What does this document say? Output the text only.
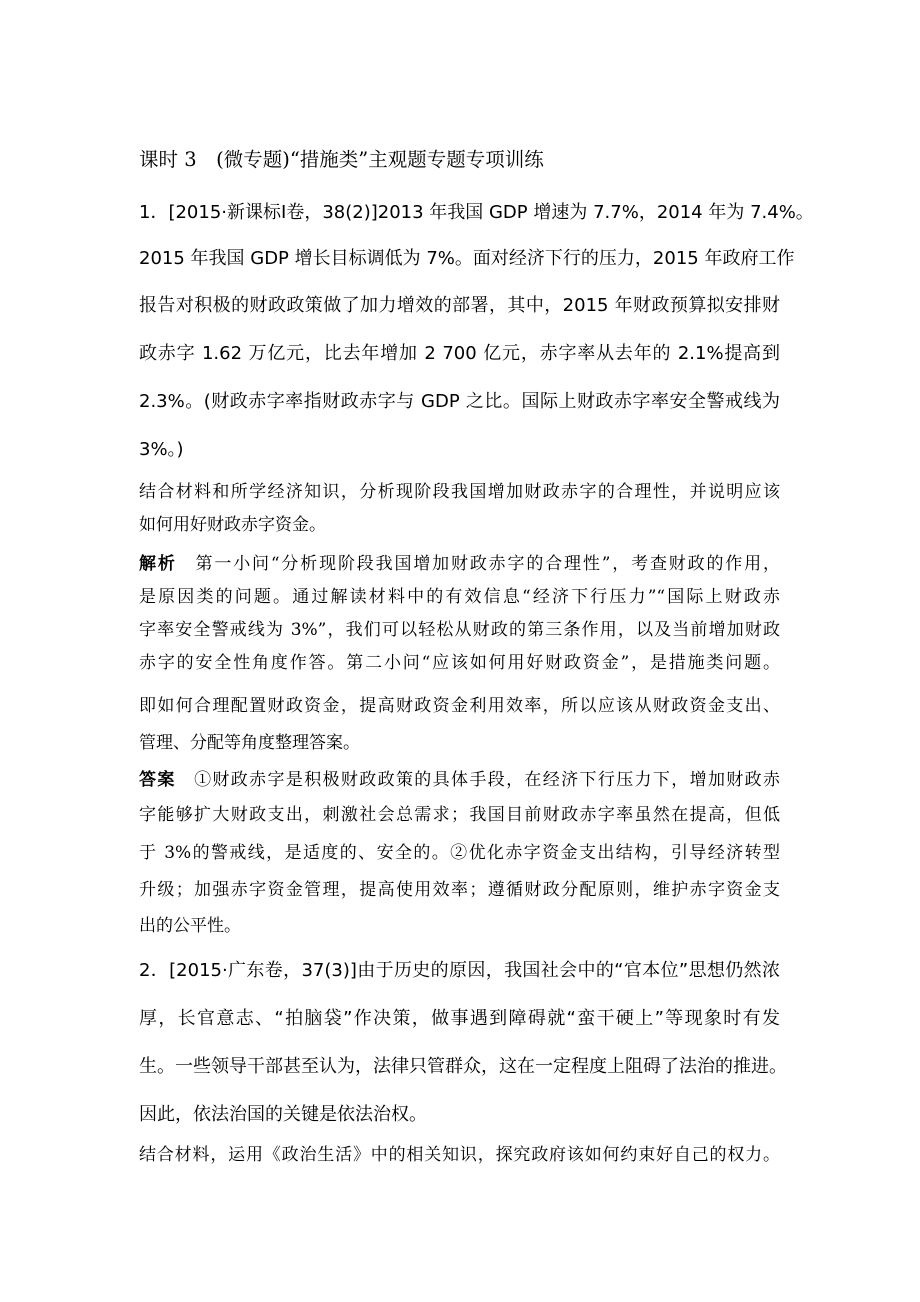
课时 3　(微专题)“措施类”主观题专题专项训练
1．[2015·新课标Ⅰ卷，38(2)]2013 年我国 GDP 增速为 7.7%，2014 年为 7.4%。
2015 年我国 GDP 增长目标调低为 7%。面对经济下行的压力，2015 年政府工作
报告对积极的财政政策做了加力增效的部署，其中，2015 年财政预算拟安排财
政赤字 1.62 万亿元，比去年增加 2 700 亿元，赤字率从去年的 2.1%提高到
2.3%。(财政赤字率指财政赤字与 GDP 之比。国际上财政赤字率安全警戒线为
3%。)
结合材料和所学经济知识，分析现阶段我国增加财政赤字的合理性，并说明应该
如何用好财政赤字资金。
解析　第一小问“分析现阶段我国增加财政赤字的合理性”，考查财政的作用，
是原因类的问题。通过解读材料中的有效信息“经济下行压力”“国际上财政赤
字率安全警戒线为 3%”，我们可以轻松从财政的第三条作用，以及当前增加财政
赤字的安全性角度作答。第二小问“应该如何用好财政资金”，是措施类问题。
即如何合理配置财政资金，提高财政资金利用效率，所以应该从财政资金支出、
管理、分配等角度整理答案。
答案　①财政赤字是积极财政政策的具体手段，在经济下行压力下，增加财政赤
字能够扩大财政支出，刺激社会总需求；我国目前财政赤字率虽然在提高，但低
于 3%的警戒线，是适度的、安全的。②优化赤字资金支出结构，引导经济转型
升级；加强赤字资金管理，提高使用效率；遵循财政分配原则，维护赤字资金支
出的公平性。
2．[2015·广东卷，37(3)]由于历史的原因，我国社会中的“官本位”思想仍然浓
厚，长官意志、“拍脑袋”作决策，做事遇到障碍就“蛮干硬上”等现象时有发
生。一些领导干部甚至认为，法律只管群众，这在一定程度上阻碍了法治的推进。
因此，依法治国的关键是依法治权。
结合材料，运用《政治生活》中的相关知识，探究政府该如何约束好自己的权力。
